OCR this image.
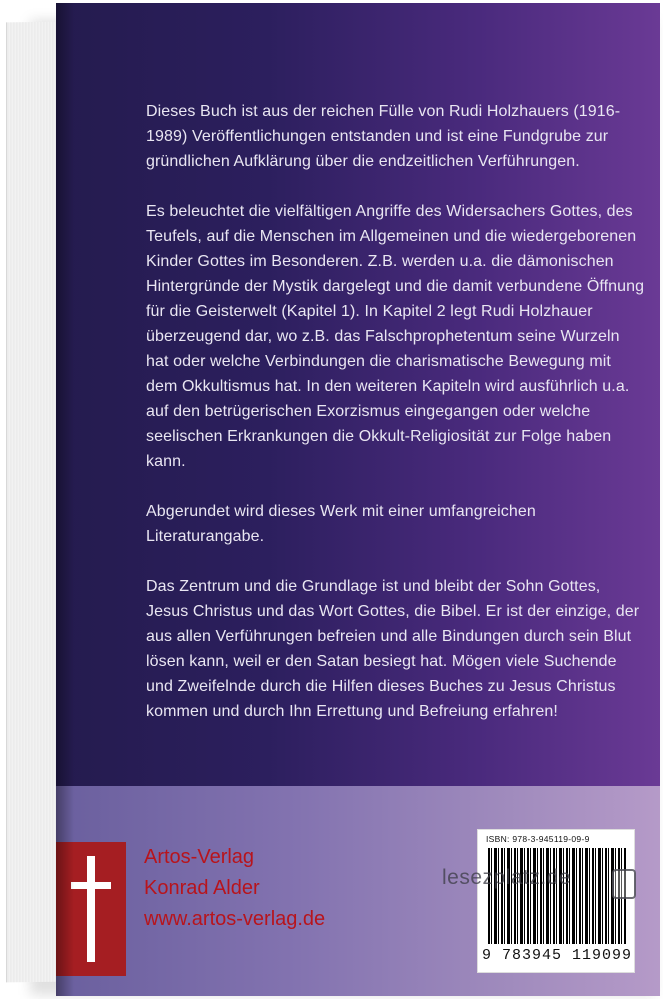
Dieses Buch ist aus der reichen Fülle von Rudi Holzhauers (1916-1989) Veröffentlichungen entstanden und ist eine Fundgrube zur gründlichen Aufklärung über die endzeitlichen Verführungen.

Es beleuchtet die vielfältigen Angriffe des Widersachers Gottes, des Teufels, auf die Menschen im Allgemeinen und die wiedergeborenen Kinder Gottes im Besonderen. Z.B. werden u.a. die dämonischen Hintergründe der Mystik dargelegt und die damit verbundene Öffnung für die Geisterwelt (Kapitel 1). In Kapitel 2 legt Rudi Holzhauer überzeugend dar, wo z.B. das Falschprophetentum seine Wurzeln hat oder welche Verbindungen die charismatische Bewegung mit dem Okkultismus hat. In den weiteren Kapiteln wird ausführlich u.a. auf den betrügerischen Exorzismus eingegangen oder welche seelischen Erkrankungen die Okkult-Religiosität zur Folge haben kann.

Abgerundet wird dieses Werk mit einer umfangreichen Literaturangabe.

Das Zentrum und die Grundlage ist und bleibt der Sohn Gottes, Jesus Christus und das Wort Gottes, die Bibel. Er ist der einzige, der aus allen Verführungen befreien und alle Bindungen durch sein Blut lösen kann, weil er den Satan besiegt hat. Mögen viele Suchende und Zweifelnde durch die Hilfen dieses Buches zu Jesus Christus kommen und durch Ihn Errettung und Befreiung erfahren!

Artos-Verlag
Konrad Alder
www.artos-verlag.de
ISBN: 978-3-945119-09-9
9 783945 119099
lesezplatz.de
